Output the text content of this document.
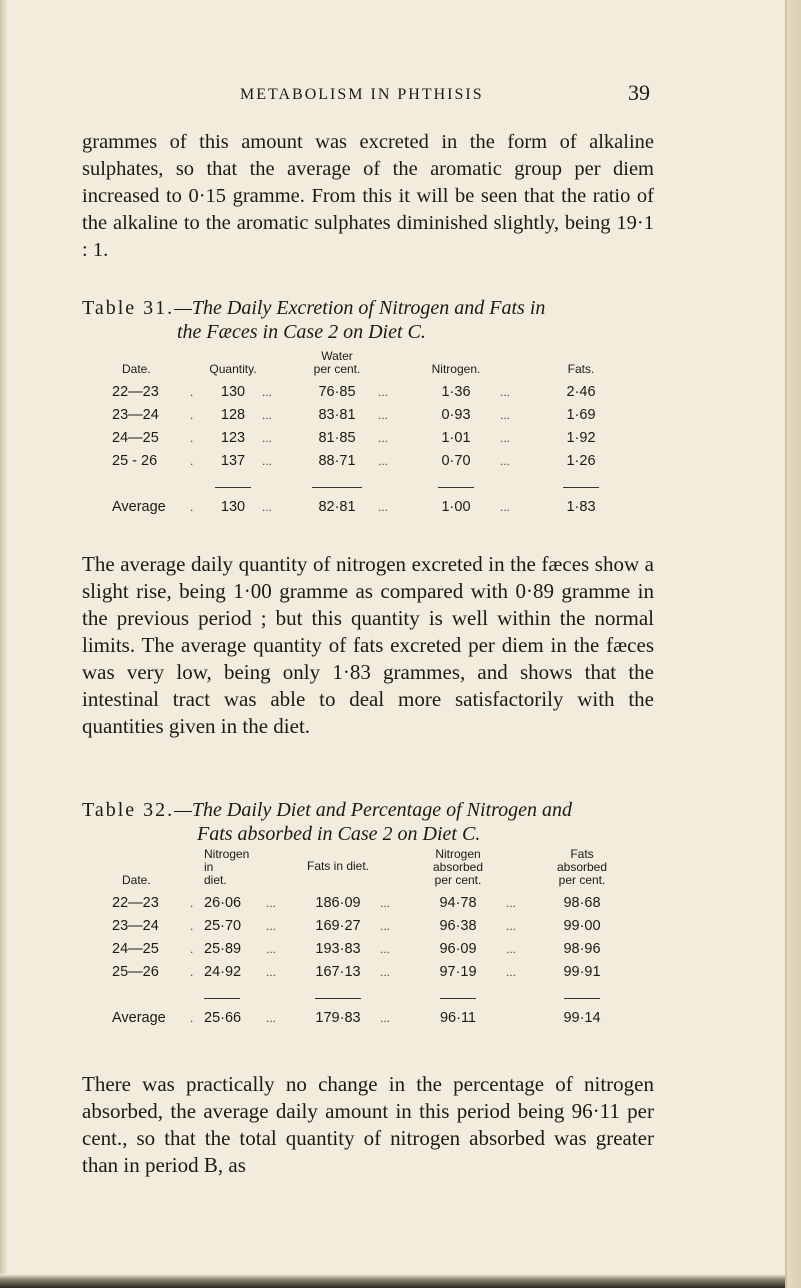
METABOLISM IN PHTHISIS	39

grammes of this amount was excreted in the form of alkaline sulphates, so that the average of the aromatic group per diem increased to 0·15 gramme. From this it will be seen that the ratio of the alkaline to the aromatic sulphates diminished slightly, being 19·1 : 1.

Table 31.—The Daily Excretion of Nitrogen and Fats in
the Fæces in Case 2 on Diet C.
Date.		Quantity.		Water
per cent.		Nitrogen.		Fats.
22—23	.	130	...	76·85	...	1·36	...	2·46
23—24	.	128	...	83·81	...	0·93	...	1·69
24—25	.	123	...	81·85	...	1·01	...	1·92
25 - 26	.	137	...	88·71	...	0·70	...	1·26

Average	.	130	...	82·81	...	1·00	...	1·83

The average daily quantity of nitrogen excreted in the fæces show a slight rise, being 1·00 gramme as compared with 0·89 gramme in the previous period ; but this quantity is well within the normal limits. The average quantity of fats excreted per diem in the fæces was very low, being only 1·83 grammes, and shows that the intestinal tract was able to deal more satisfactorily with the quantities given in the diet.

Table 32.—The Daily Diet and Percentage of Nitrogen and
Fats absorbed in Case 2 on Diet C.
Date.		Nitrogen
in
diet.		Fats in diet.		Nitrogen
absorbed
per cent.		Fats
absorbed
per cent.
22—23	.	26·06	...	186·09	...	94·78	...	98·68
23—24	.	25·70	...	169·27	...	96·38	...	99·00
24—25	.	25·89	...	193·83	...	96·09	...	98·96
25—26	.	24·92	...	167·13	...	97·19	...	99·91

Average	.	25·66	...	179·83	...	96·11		99·14

There was practically no change in the percentage of nitrogen absorbed, the average daily amount in this period being 96·11 per cent., so that the total quantity of nitrogen absorbed was greater than in period B, as
